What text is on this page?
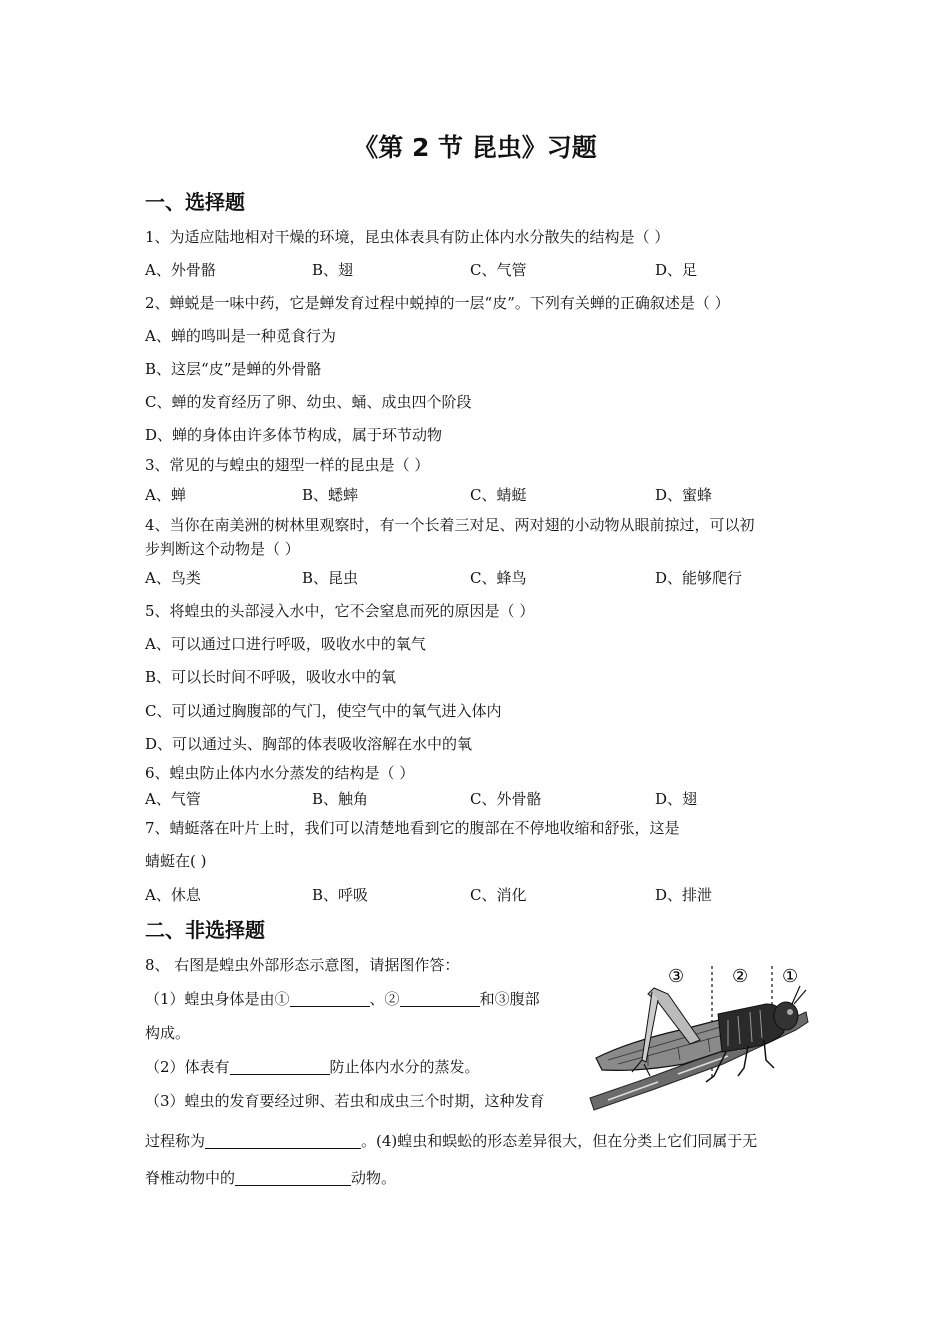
《第 2 节 昆虫》习题
一、选择题
1、为适应陆地相对干燥的环境，昆虫体表具有防止体内水分散失的结构是（ ）
A、外骨骼	B、翅	C、气管	D、足
2、蝉蜕是一味中药，它是蝉发育过程中蜕掉的一层“皮”。下列有关蝉的正确叙述是（ ）
A、蝉的鸣叫是一种觅食行为
B、这层“皮”是蝉的外骨骼
C、蝉的发育经历了卵、幼虫、蛹、成虫四个阶段
D、蝉的身体由许多体节构成，属于环节动物
3、常见的与蝗虫的翅型一样的昆虫是（ ）
A、蝉	B、蟋蟀	C、蜻蜓	D、蜜蜂
4、当你在南美洲的树林里观察时，有一个长着三对足、两对翅的小动物从眼前掠过，可以初
步判断这个动物是（ ）
A、鸟类	B、昆虫	C、蜂鸟	D、能够爬行
5、将蝗虫的头部浸入水中，它不会窒息而死的原因是（ ）
A、可以通过口进行呼吸，吸收水中的氧气
B、可以长时间不呼吸，吸收水中的氧
C、可以通过胸腹部的气门，使空气中的氧气进入体内
D、可以通过头、胸部的体表吸收溶解在水中的氧
6、蝗虫防止体内水分蒸发的结构是（ ）
A、气管	B、触角	C、外骨骼	D、翅
7、蜻蜓落在叶片上时，我们可以清楚地看到它的腹部在不停地收缩和舒张，这是
蜻蜓在( )
A、休息	B、呼吸	C、消化	D、排泄
二、非选择题
8、 右图是蝗虫外部形态示意图，请据图作答：
（1）蝗虫身体是由①	、②	和③腹部
构成。
（2）体表有	防止体内水分的蒸发。
（3）蝗虫的发育要经过卵、若虫和成虫三个时期，这种发育
过程称为	。(4)蝗虫和蜈蚣的形态差异很大，但在分类上它们同属于无
脊椎动物中的	动物。
③	② ①
